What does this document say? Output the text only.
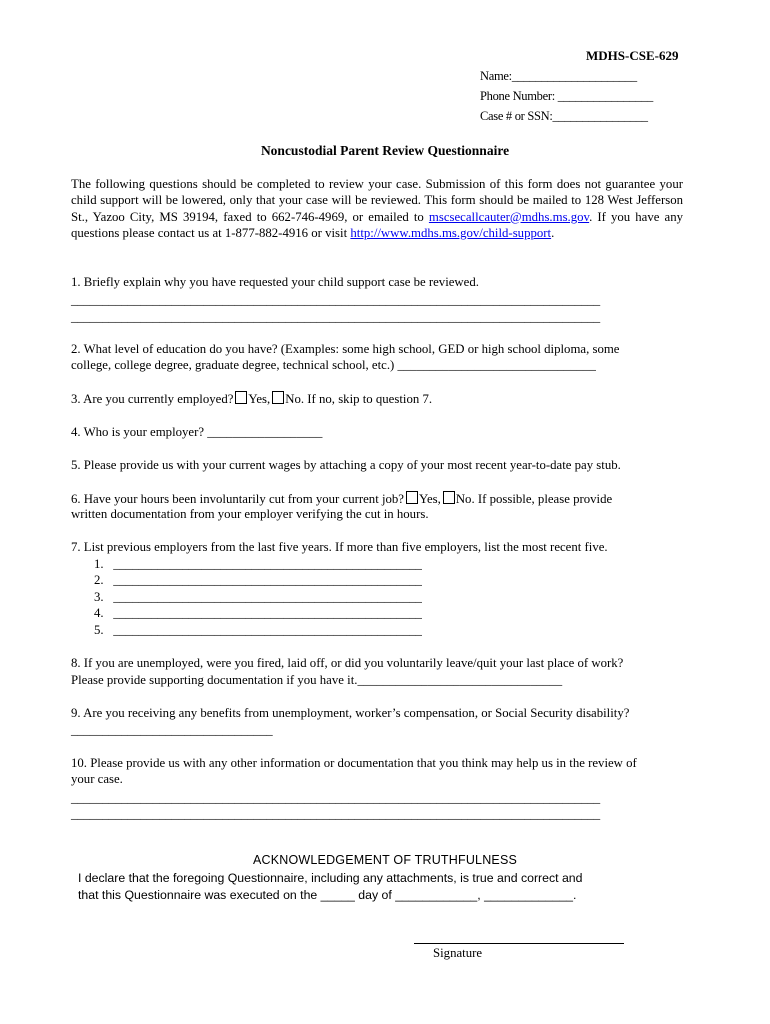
MDHS-CSE-629
Name:_____________________
Phone Number: ________________
Case # or SSN:________________
Noncustodial Parent Review Questionnaire
The following questions should be completed to review your case. Submission of this form does not guarantee your child support will be lowered, only that your case will be reviewed. This form should be mailed to 128 West Jefferson St., Yazoo City, MS 39194, faxed to 662-746-4969, or emailed to mscsecallcauter@mdhs.ms.gov. If you have any questions please contact us at 1-877-882-4916 or visit http://www.mdhs.ms.gov/child-support.
1. Briefly explain why you have requested your child support case be reviewed.
____________________________________________________________________________________
____________________________________________________________________________________
2. What level of education do you have? (Examples: some high school, GED or high school diploma, some
college, college degree, graduate degree, technical school, etc.) _______________________________
3. Are you currently employed? Yes, No. If no, skip to question 7.
4. Who is your employer? __________________
5. Please provide us with your current wages by attaching a copy of your most recent year-to-date pay stub.
6. Have your hours been involuntarily cut from your current job? Yes, No. If possible, please provide
written documentation from your employer verifying the cut in hours.
7. List previous employers from the last five years. If more than five employers, list the most recent five.
1. _________________________________________________
2. _________________________________________________
3. _________________________________________________
4. _________________________________________________
5. _________________________________________________
8. If you are unemployed, were you fired, laid off, or did you voluntarily leave/quit your last place of work?
Please provide supporting documentation if you have it.________________________________
9. Are you receiving any benefits from unemployment, worker’s compensation, or Social Security disability?
________________________________
10. Please provide us with any other information or documentation that you think may help us in the review of
your case.
____________________________________________________________________________________
____________________________________________________________________________________
ACKNOWLEDGEMENT OF TRUTHFULNESS
I declare that the foregoing Questionnaire, including any attachments, is true and correct and
that this Questionnaire was executed on the _____ day of ____________, _____________.
Signature
